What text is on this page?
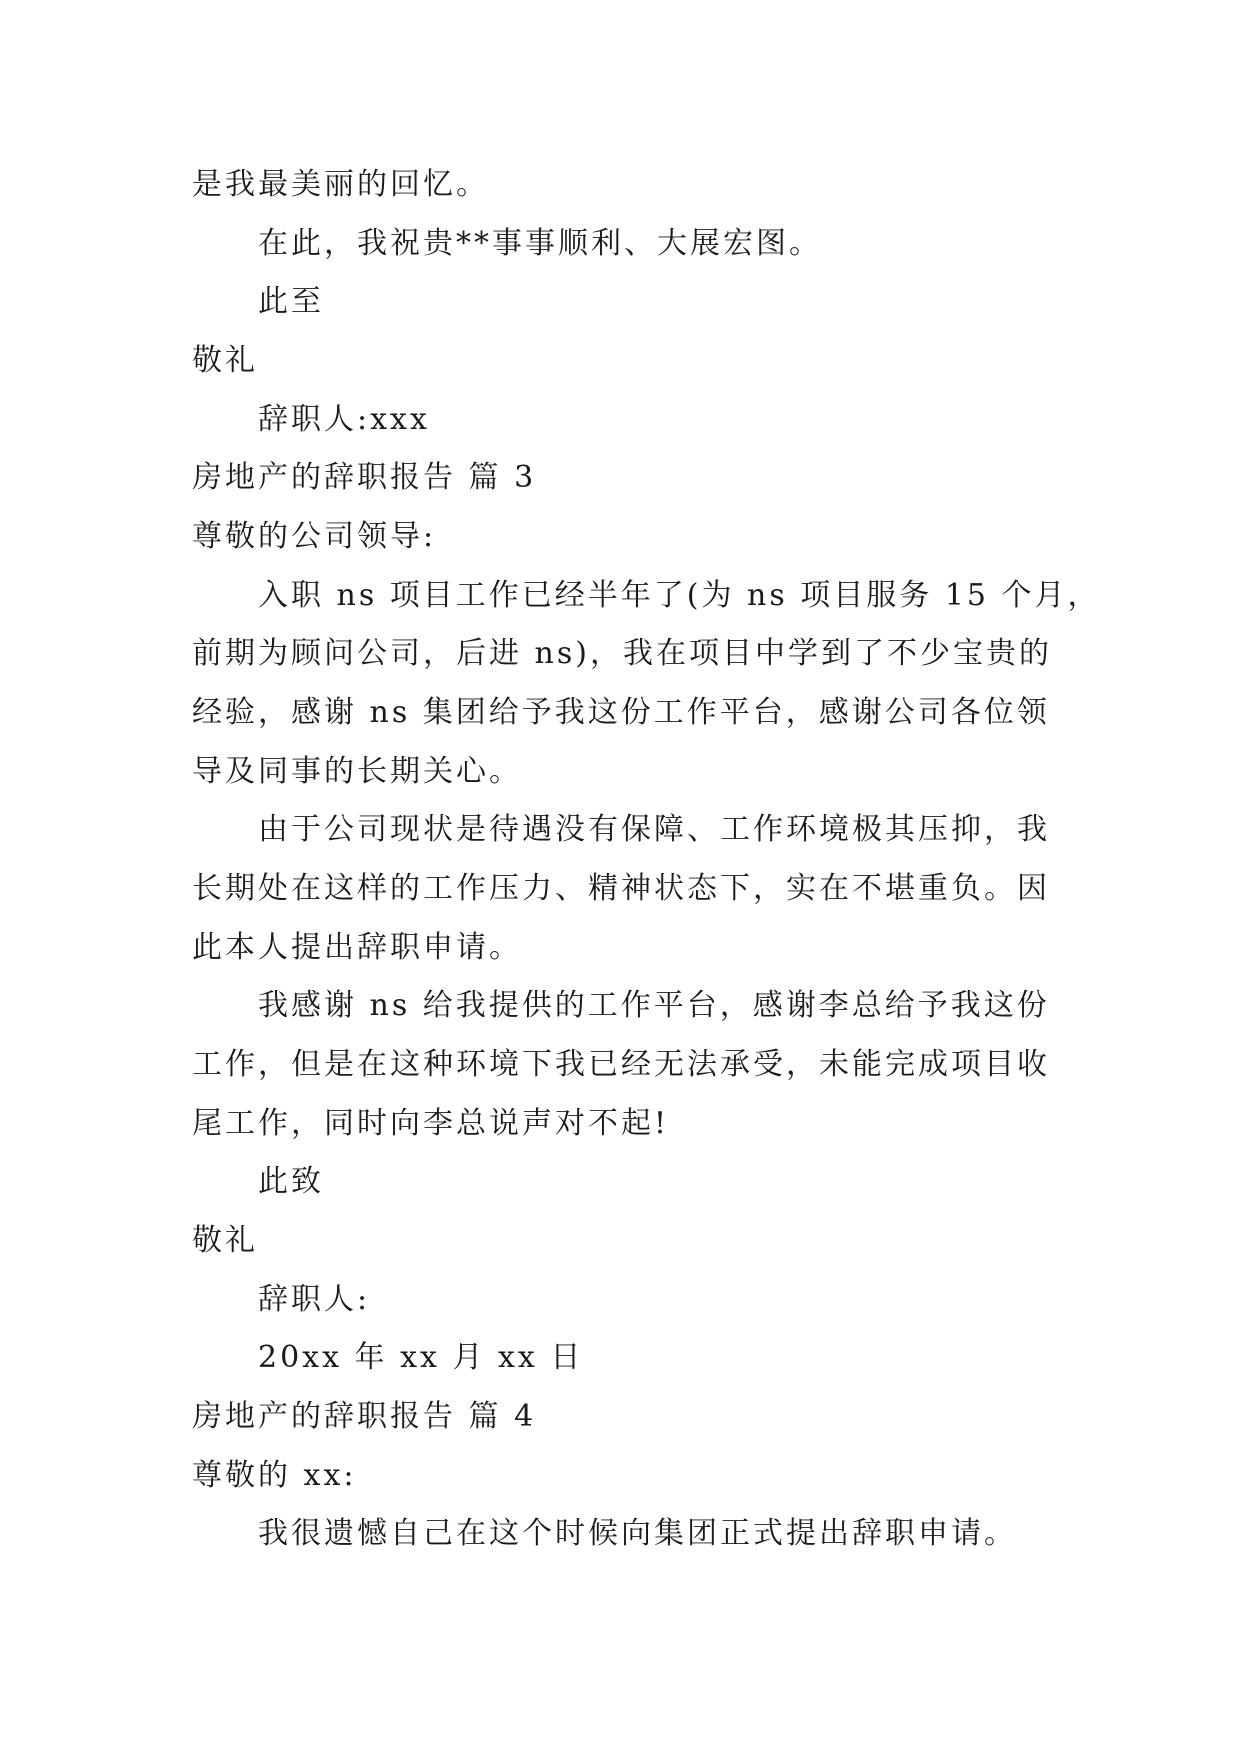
是我最美丽的回忆。
在此，我祝贵**事事顺利、大展宏图。
此至
敬礼
辞职人:xxx
房地产的辞职报告 篇 3
尊敬的公司领导:
入职 ns 项目工作已经半年了(为 ns 项目服务 15 个月，
前期为顾问公司，后进 ns)，我在项目中学到了不少宝贵的
经验，感谢 ns 集团给予我这份工作平台，感谢公司各位领
导及同事的长期关心。
由于公司现状是待遇没有保障、工作环境极其压抑，我
长期处在这样的工作压力、精神状态下，实在不堪重负。因
此本人提出辞职申请。
我感谢 ns 给我提供的工作平台，感谢李总给予我这份
工作，但是在这种环境下我已经无法承受，未能完成项目收
尾工作，同时向李总说声对不起!
此致
敬礼
辞职人:
20xx 年 xx 月 xx 日
房地产的辞职报告 篇 4
尊敬的 xx:
我很遗憾自己在这个时候向集团正式提出辞职申请。
